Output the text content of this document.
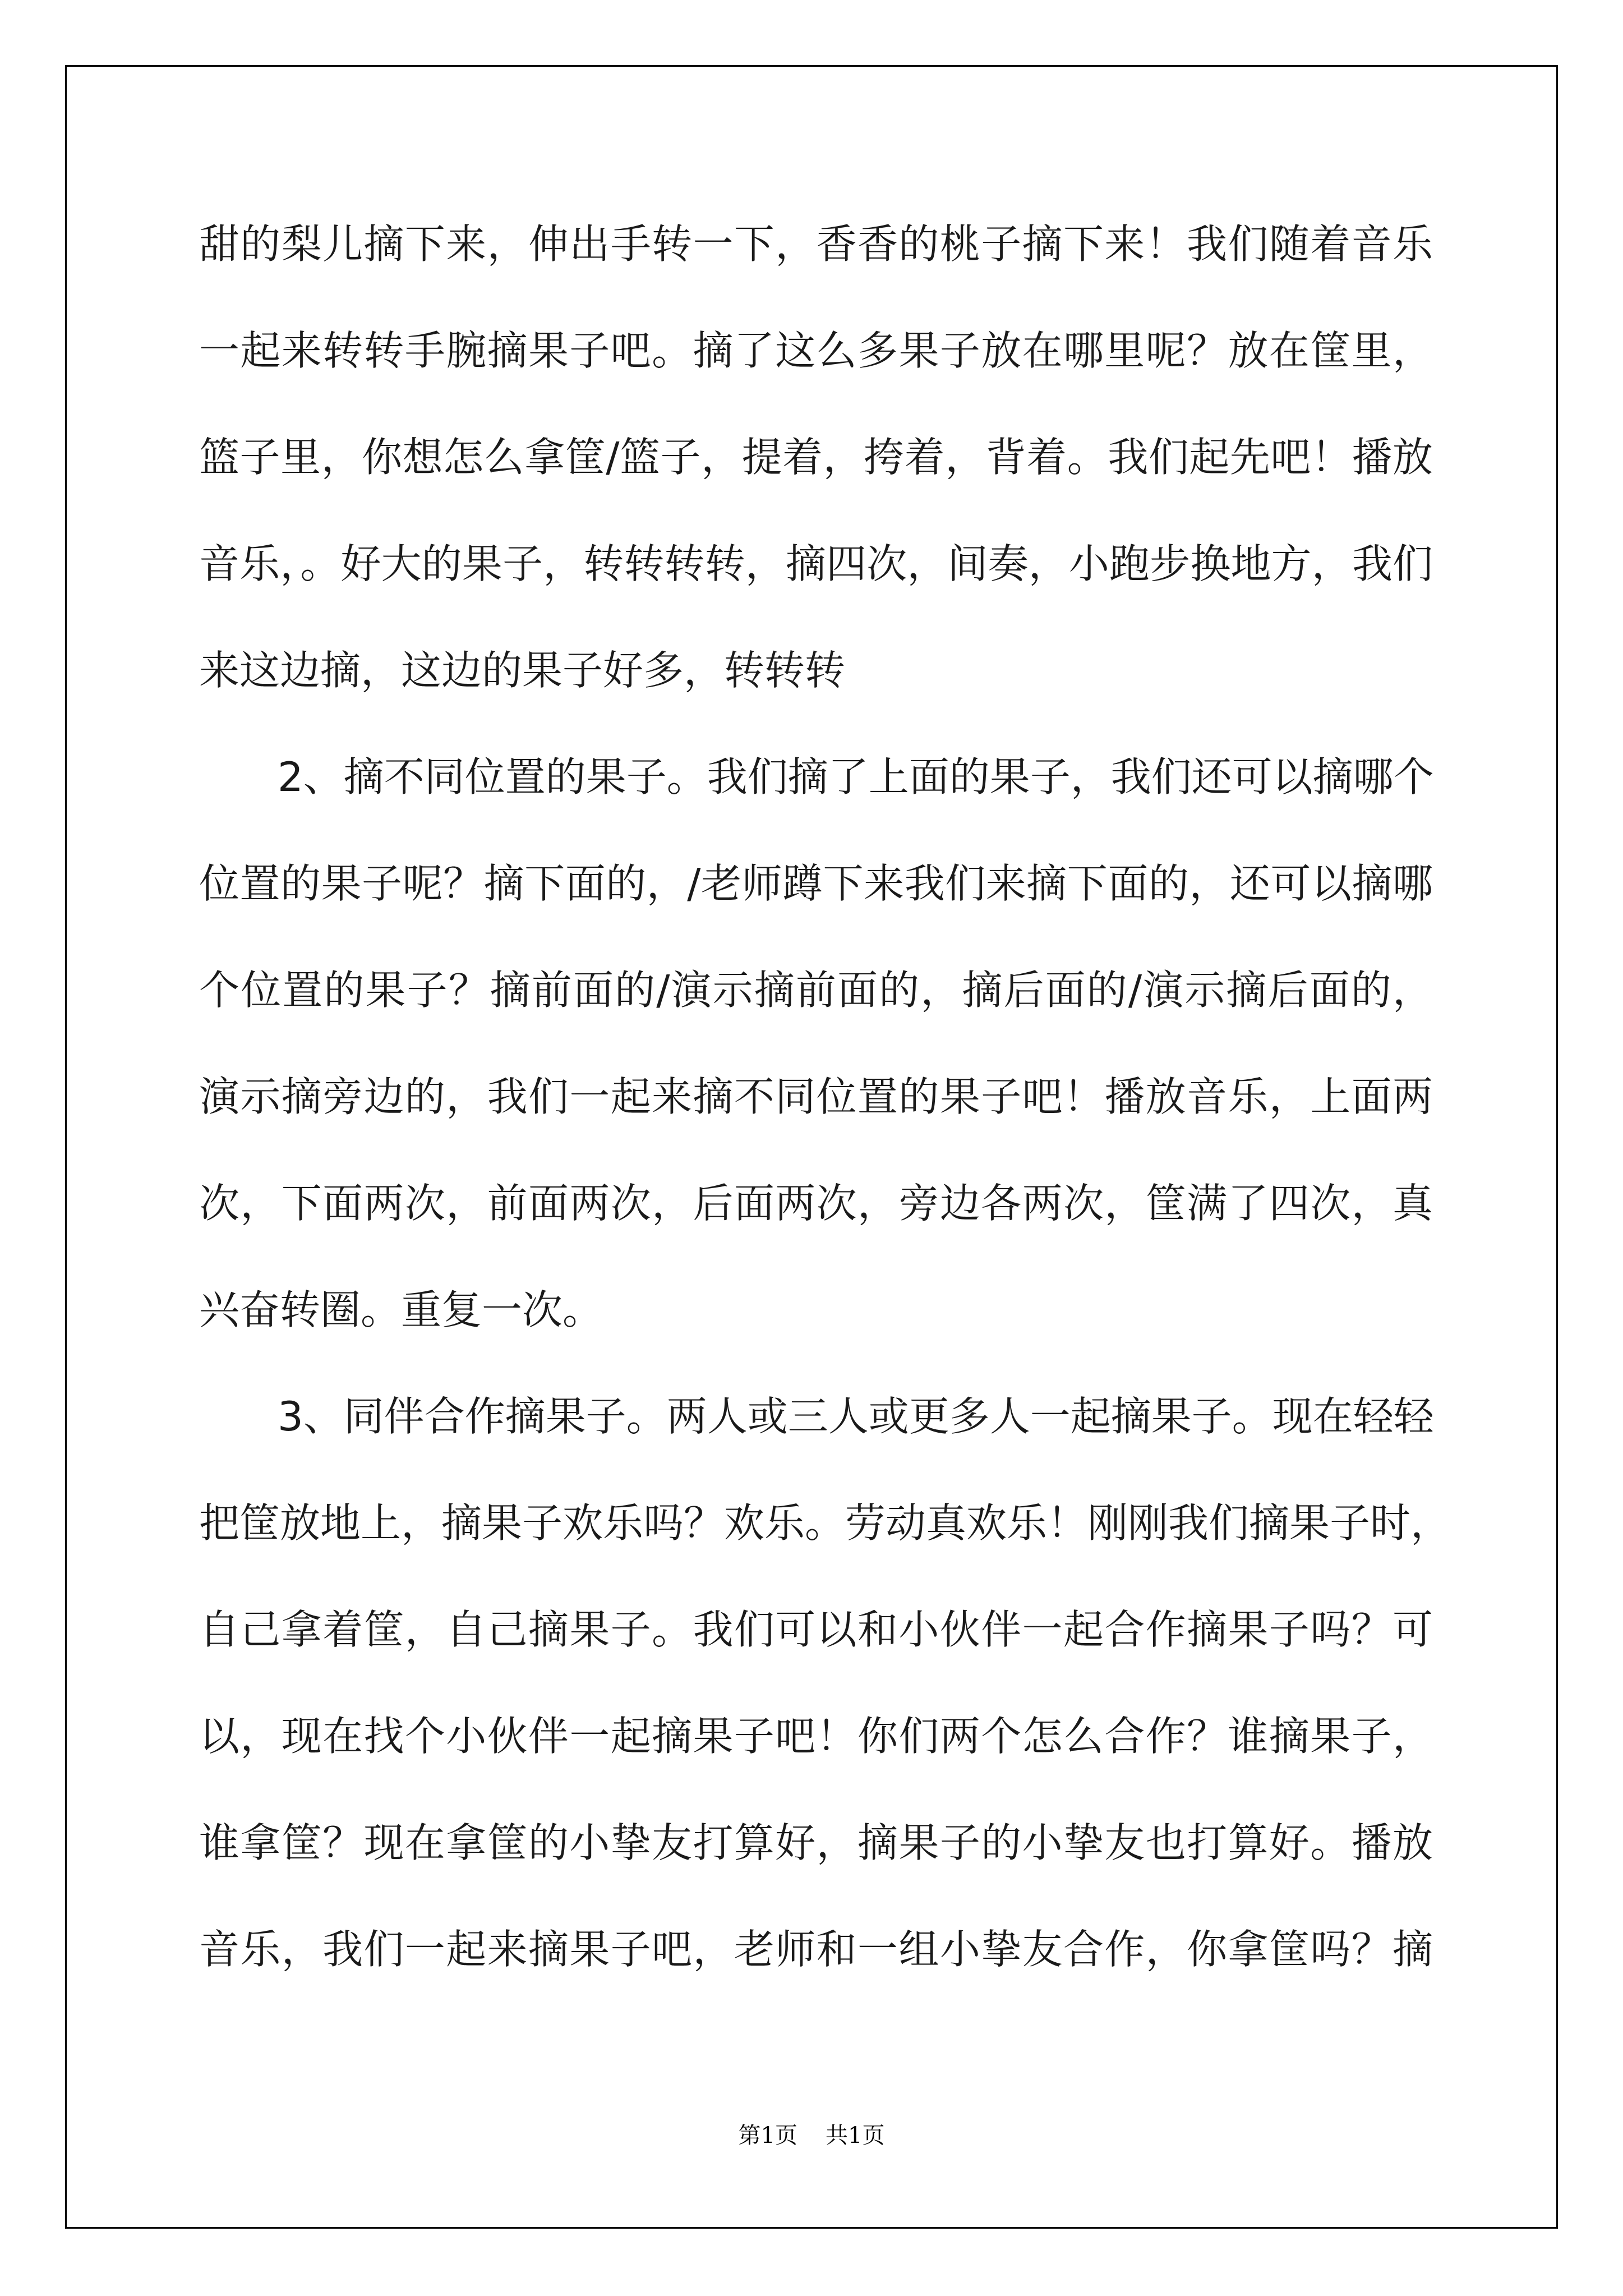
甜的梨儿摘下来，伸出手转一下，香香的桃子摘下来！我们随着音乐
一起来转转手腕摘果子吧。摘了这么多果子放在哪里呢？放在筐里，
篮子里，你想怎么拿筐/篮子，提着，挎着，背着。我们起先吧！播放
音乐，。好大的果子，转转转转，摘四次，间奏，小跑步换地方，我们
来这边摘，这边的果子好多，转转转
2、摘不同位置的果子。我们摘了上面的果子，我们还可以摘哪个
位置的果子呢？摘下面的，/老师蹲下来我们来摘下面的，还可以摘哪
个位置的果子？摘前面的/演示摘前面的，摘后面的/演示摘后面的，
演示摘旁边的，我们一起来摘不同位置的果子吧！播放音乐，上面两
次，下面两次，前面两次，后面两次，旁边各两次，筐满了四次，真
兴奋转圈。重复一次。
3、同伴合作摘果子。两人或三人或更多人一起摘果子。现在轻轻
把筐放地上，摘果子欢乐吗？欢乐。劳动真欢乐！刚刚我们摘果子时，
自己拿着筐，自己摘果子。我们可以和小伙伴一起合作摘果子吗？可
以，现在找个小伙伴一起摘果子吧！你们两个怎么合作？谁摘果子，
谁拿筐？现在拿筐的小挚友打算好，摘果子的小挚友也打算好。播放
音乐，我们一起来摘果子吧，老师和一组小挚友合作，你拿筐吗？摘
第1页 共1页
